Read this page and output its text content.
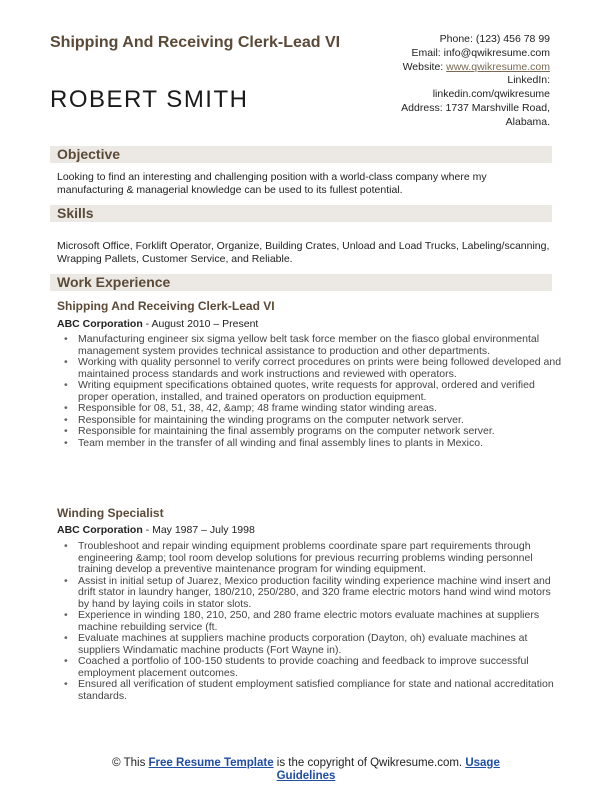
Shipping And Receiving Clerk-Lead VI
ROBERT SMITH
Phone: (123) 456 78 99
Email: info@qwikresume.com
Website: www.qwikresume.com
LinkedIn:
linkedin.com/qwikresume
Address: 1737 Marshville Road,
Alabama.
Objective
Looking to find an interesting and challenging position with a world-class company where my manufacturing & managerial knowledge can be used to its fullest potential.
Skills
Microsoft Office, Forklift Operator, Organize, Building Crates, Unload and Load Trucks, Labeling/scanning, Wrapping Pallets, Customer Service, and Reliable.
Work Experience
Shipping And Receiving Clerk-Lead VI
ABC Corporation - August 2010 – Present
• Manufacturing engineer six sigma yellow belt task force member on the fiasco global environmental management system provides technical assistance to production and other departments.
• Working with quality personnel to verify correct procedures on prints were being followed developed and maintained process standards and work instructions and reviewed with operators.
• Writing equipment specifications obtained quotes, write requests for approval, ordered and verified proper operation, installed, and trained operators on production equipment.
• Responsible for 08, 51, 38, 42, &amp; 48 frame winding stator winding areas.
• Responsible for maintaining the winding programs on the computer network server.
• Responsible for maintaining the final assembly programs on the computer network server.
• Team member in the transfer of all winding and final assembly lines to plants in Mexico.
Winding Specialist
ABC Corporation - May 1987 – July 1998
• Troubleshoot and repair winding equipment problems coordinate spare part requirements through engineering &amp; tool room develop solutions for previous recurring problems winding personnel training develop a preventive maintenance program for winding equipment.
• Assist in initial setup of Juarez, Mexico production facility winding experience machine wind insert and drift stator in laundry hanger, 180/210, 250/280, and 320 frame electric motors hand wind wind motors by hand by laying coils in stator slots.
• Experience in winding 180, 210, 250, and 280 frame electric motors evaluate machines at suppliers machine rebuilding service (ft.
• Evaluate machines at suppliers machine products corporation (Dayton, oh) evaluate machines at suppliers Windamatic machine products (Fort Wayne in).
• Coached a portfolio of 100-150 students to provide coaching and feedback to improve successful employment placement outcomes.
• Ensured all verification of student employment satisfied compliance for state and national accreditation standards.
© This Free Resume Template is the copyright of Qwikresume.com. Usage
Guidelines
